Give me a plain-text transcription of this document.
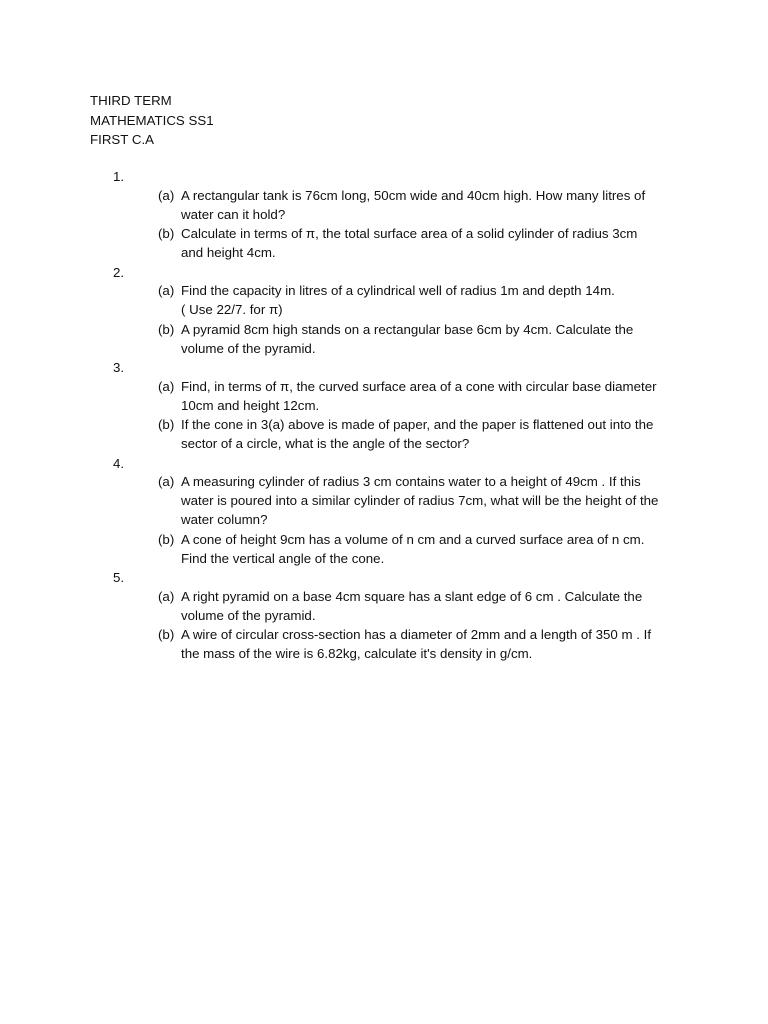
THIRD TERM
MATHEMATICS SS1
FIRST C.A
1.
(a) A rectangular tank is 76cm long, 50cm wide and 40cm high. How many litres of
water can it hold?
(b) Calculate in terms of π, the total surface area of a solid cylinder of radius 3cm
and height 4cm.
2.
(a) Find the capacity in litres of a cylindrical well of radius 1m and depth 14m.
( Use 22/7. for π)
(b) A pyramid 8cm high stands on a rectangular base 6cm by 4cm. Calculate the
volume of the pyramid.
3.
(a) Find, in terms of π, the curved surface area of a cone with circular base diameter
10cm and height 12cm.
(b) If the cone in 3(a) above is made of paper, and the paper is flattened out into the
sector of a circle, what is the angle of the sector?
4.
(a) A measuring cylinder of radius 3 cm contains water to a height of 49cm . If this
water is poured into a similar cylinder of radius 7cm, what will be the height of the
water column?
(b) A cone of height 9cm has a volume of n cm and a curved surface area of n cm.
Find the vertical angle of the cone.
5.
(a) A right pyramid on a base 4cm square has a slant edge of 6 cm . Calculate the
volume of the pyramid.
(b) A wire of circular cross-section has a diameter of 2mm and a length of 350 m . If
the mass of the wire is 6.82kg, calculate it's density in g/cm.
